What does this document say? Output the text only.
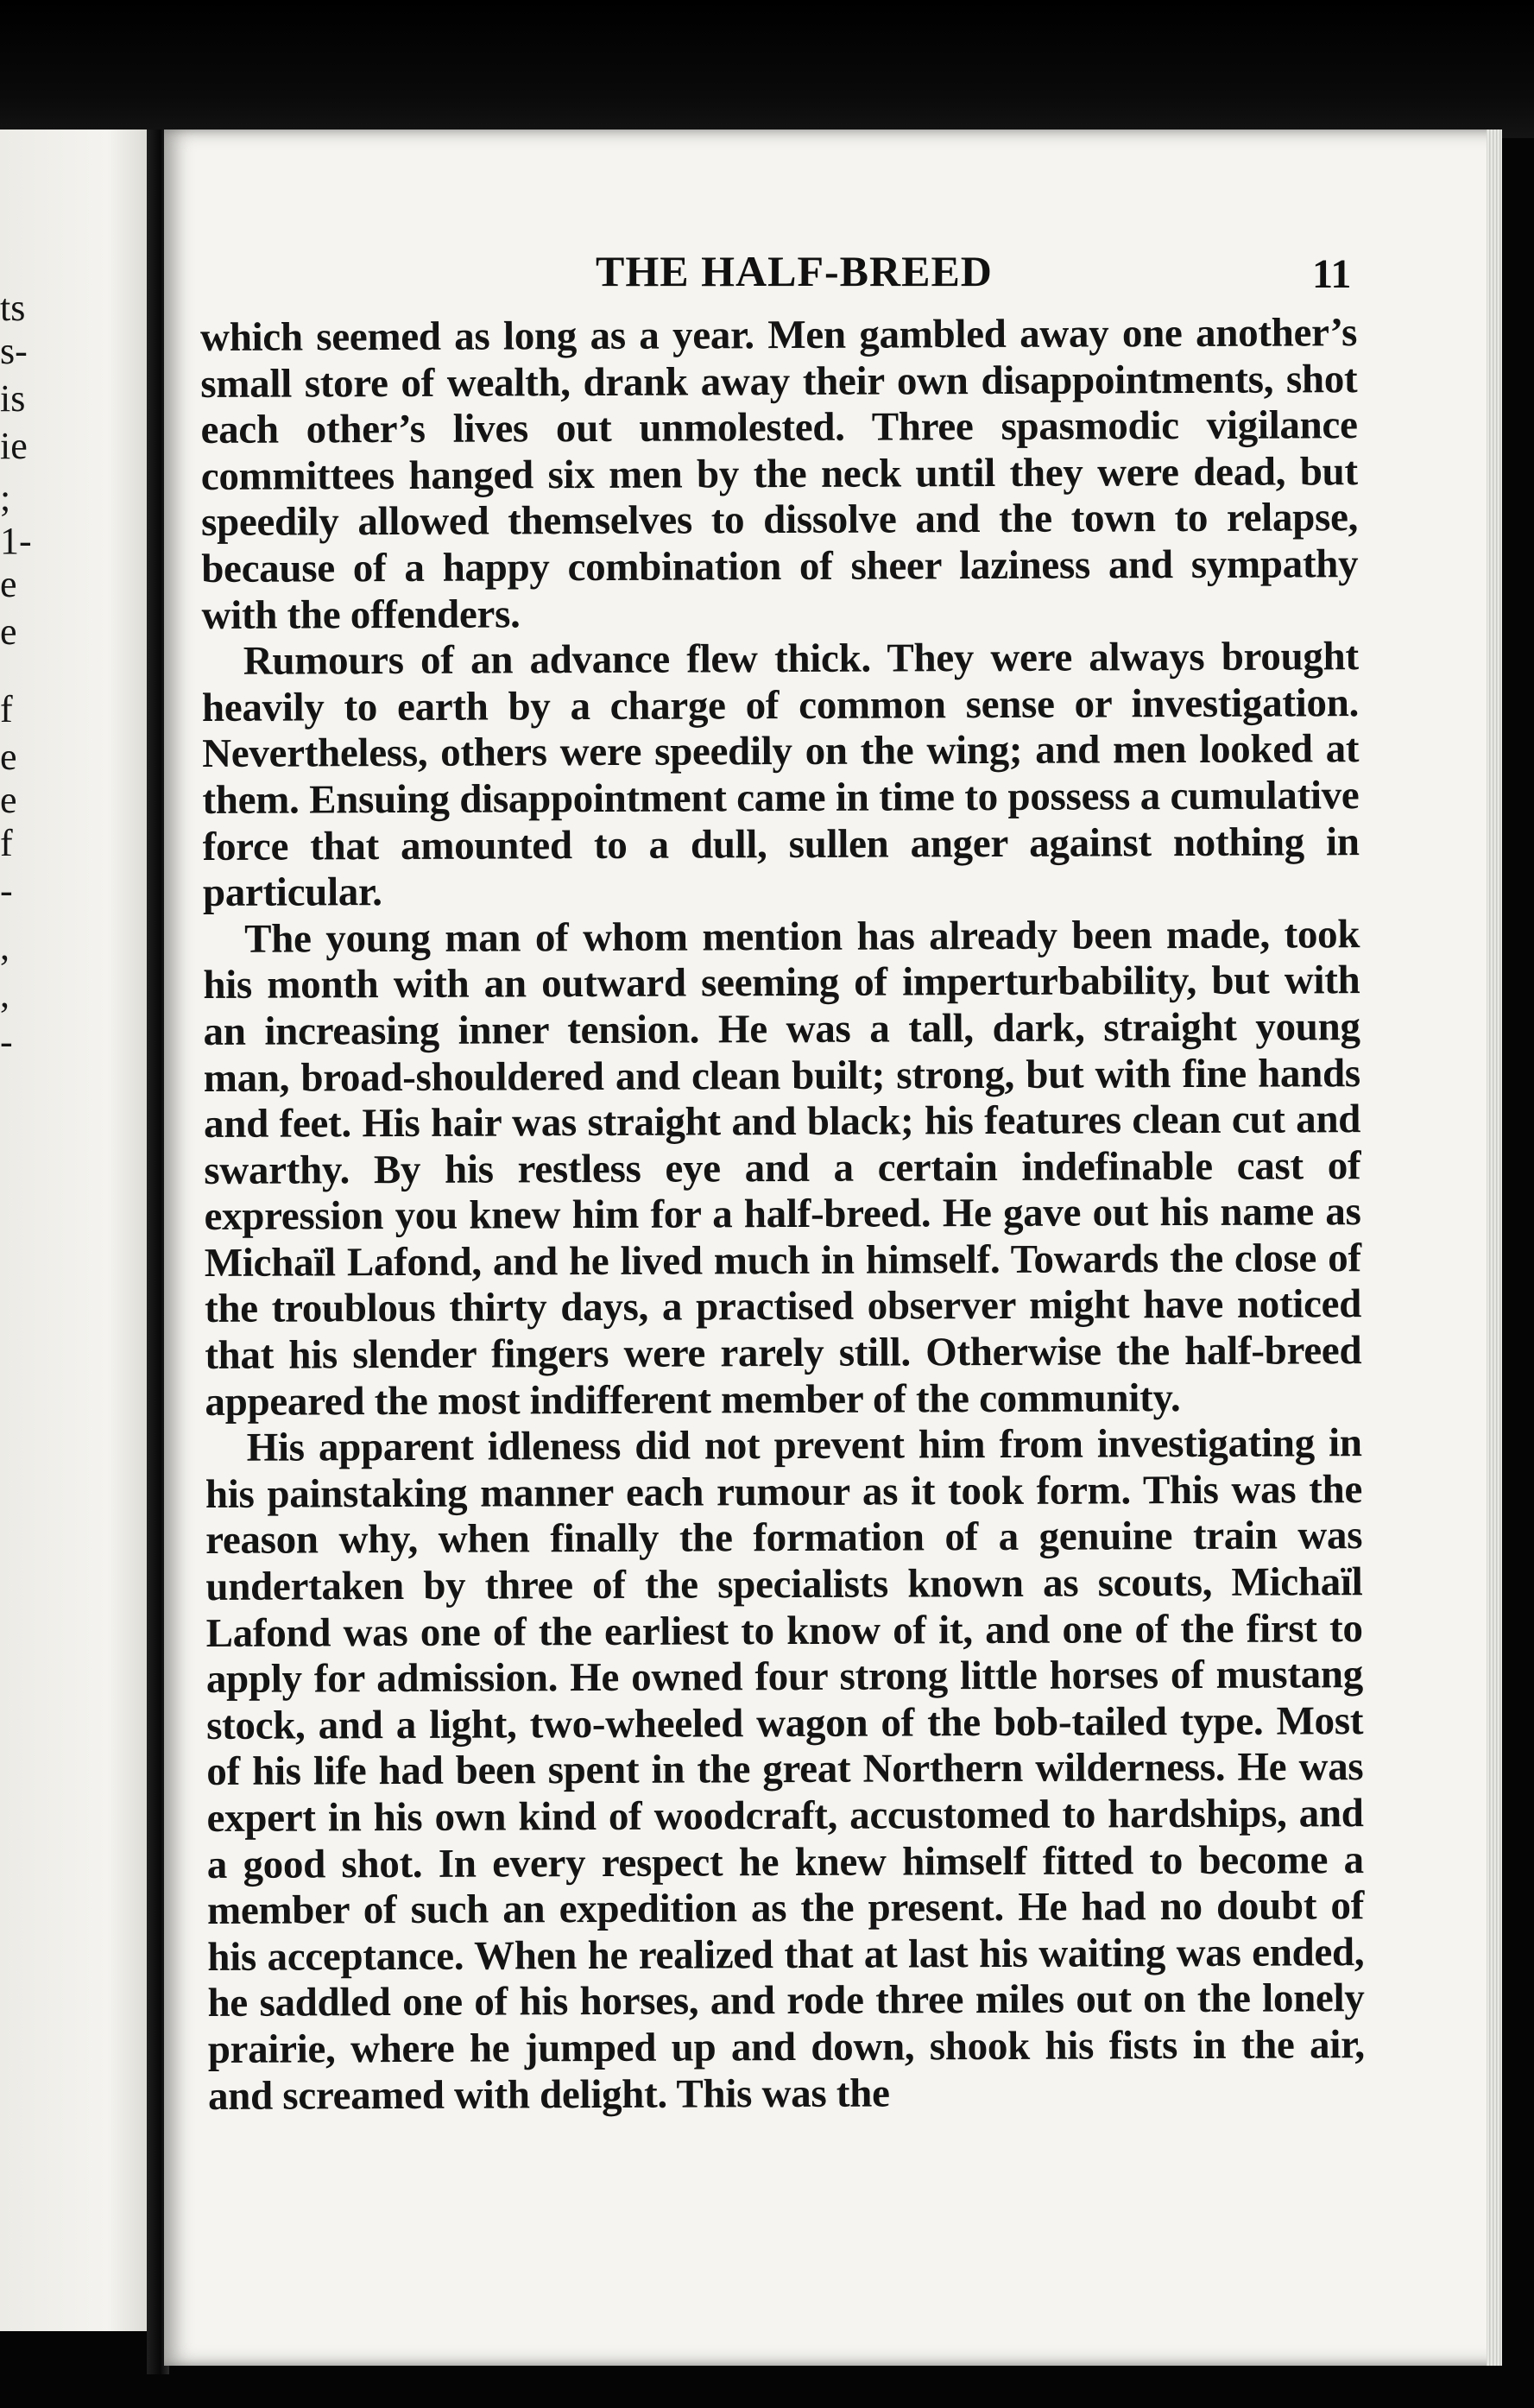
ts
s-
is
ie
;
1-
e
e
f
e
e
f
-
,
,
-
THE HALF-BREED	11

which seemed as long as a year. Men gambled away one another’s small store of wealth, drank away their own disappointments, shot each other’s lives out unmolested. Three spasmodic vigilance committees hanged six men by the neck until they were dead, but speedily allowed themselves to dissolve and the town to relapse, because of a happy combination of sheer laziness and sympathy with the offenders.

Rumours of an advance flew thick. They were always brought heavily to earth by a charge of common sense or investigation. Nevertheless, others were speedily on the wing; and men looked at them. Ensuing disappointment came in time to possess a cumulative force that amounted to a dull, sullen anger against nothing in particular.

The young man of whom mention has already been made, took his month with an outward seeming of imperturbability, but with an increasing inner tension. He was a tall, dark, straight young man, broad-shouldered and clean built; strong, but with fine hands and feet. His hair was straight and black; his features clean cut and swarthy. By his restless eye and a certain indefinable cast of expression you knew him for a half-breed. He gave out his name as Michaïl Lafond, and he lived much in himself. Towards the close of the troublous thirty days, a practised observer might have noticed that his slender fingers were rarely still. Otherwise the half-breed appeared the most indifferent member of the community.

His apparent idleness did not prevent him from investigating in his painstaking manner each rumour as it took form. This was the reason why, when finally the formation of a genuine train was undertaken by three of the specialists known as scouts, Michaïl Lafond was one of the earliest to know of it, and one of the first to apply for admission. He owned four strong little horses of mustang stock, and a light, two-wheeled wagon of the bob-tailed type. Most of his life had been spent in the great Northern wilderness. He was expert in his own kind of woodcraft, accustomed to hardships, and a good shot. In every respect he knew himself fitted to become a member of such an expedition as the present. He had no doubt of his acceptance. When he realized that at last his waiting was ended, he saddled one of his horses, and rode three miles out on the lonely prairie, where he jumped up and down, shook his fists in the air, and screamed with delight. This was the
